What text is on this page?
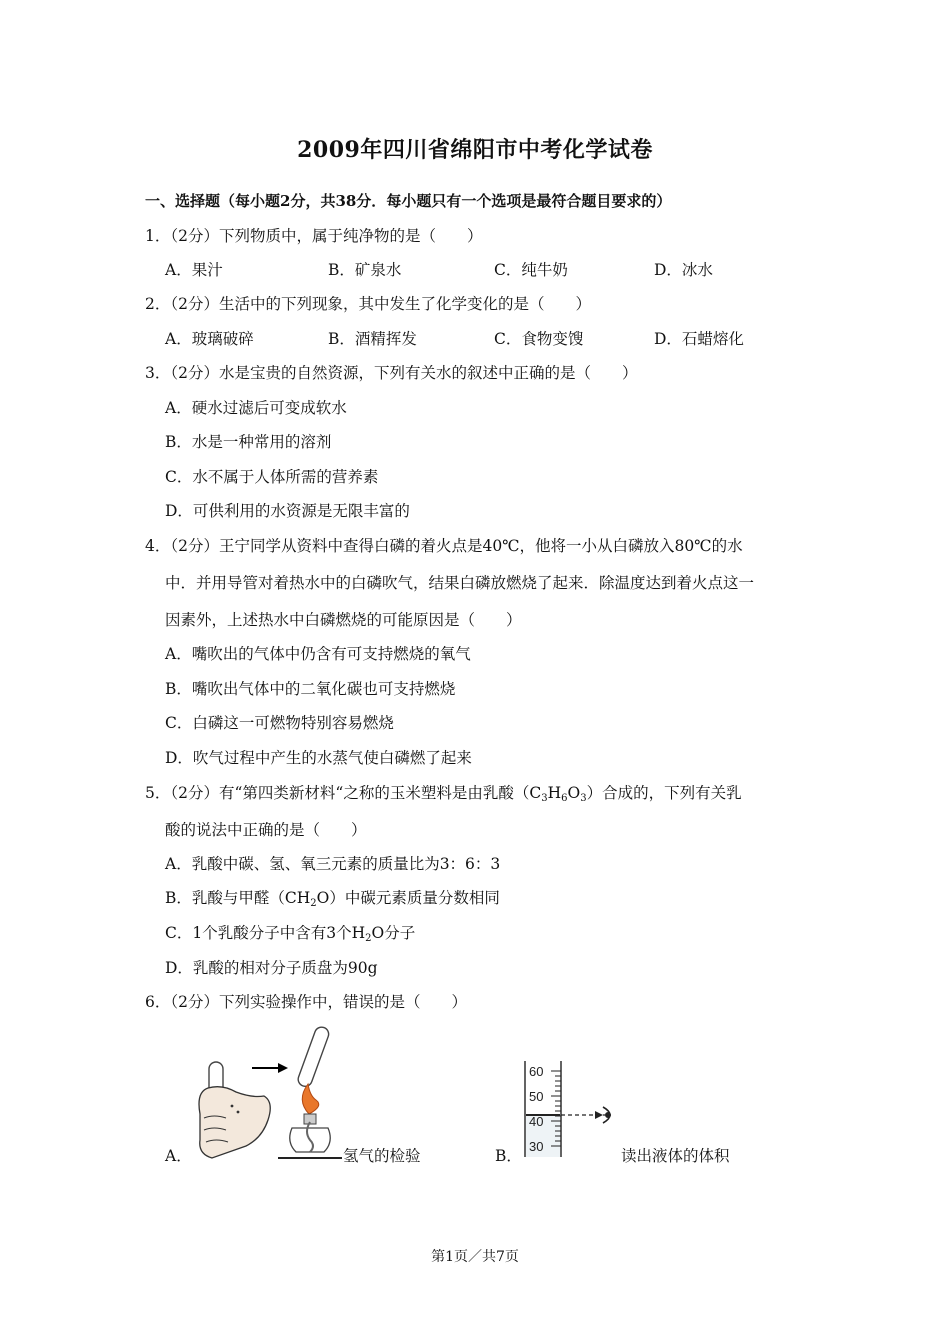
2009年四川省绵阳市中考化学试卷
一、选择题（每小题2分，共38分．每小题只有一个选项是最符合题目要求的）
1．（2分）下列物质中，属于纯净物的是（　　）
A．果汁	B．矿泉水	C．纯牛奶	D．冰水
2．（2分）生活中的下列现象，其中发生了化学变化的是（　　）
A．玻璃破碎	B．酒精挥发	C．食物变馊	D．石蜡熔化
3．（2分）水是宝贵的自然资源，下列有关水的叙述中正确的是（　　）
A．硬水过滤后可变成软水
B．水是一种常用的溶剂
C．水不属于人体所需的营养素
D．可供利用的水资源是无限丰富的
4．（2分）王宁同学从资料中查得白磷的着火点是40℃，他将一小从白磷放入80℃的水
中．并用导管对着热水中的白磷吹气，结果白磷放燃烧了起来．除温度达到着火点这一
因素外，上述热水中白磷燃烧的可能原因是（　　）
A．嘴吹出的气体中仍含有可支持燃烧的氧气
B．嘴吹出气体中的二氧化碳也可支持燃烧
C．白磷这一可燃物特别容易燃烧
D．吹气过程中产生的水蒸气使白磷燃了起来
5．（2分）有“第四类新材料“之称的玉米塑料是由乳酸$(C_3H_6O_3)$合成的，下列有关乳
酸的说法中正确的是（　　）
A．乳酸中碳、氢、氧三元素的质量比为3：6：3
B．乳酸与甲醛$(CH_2O)$中碳元素质量分数相同
C．1个乳酸分子中含有3个$H_2O$分子
D．乳酸的相对分子质盘为90g
6．（2分）下列实验操作中，错误的是（　　）
A．	氢气的检验	B．
60
50
40
30
读出液体的体积
第1页／共7页
